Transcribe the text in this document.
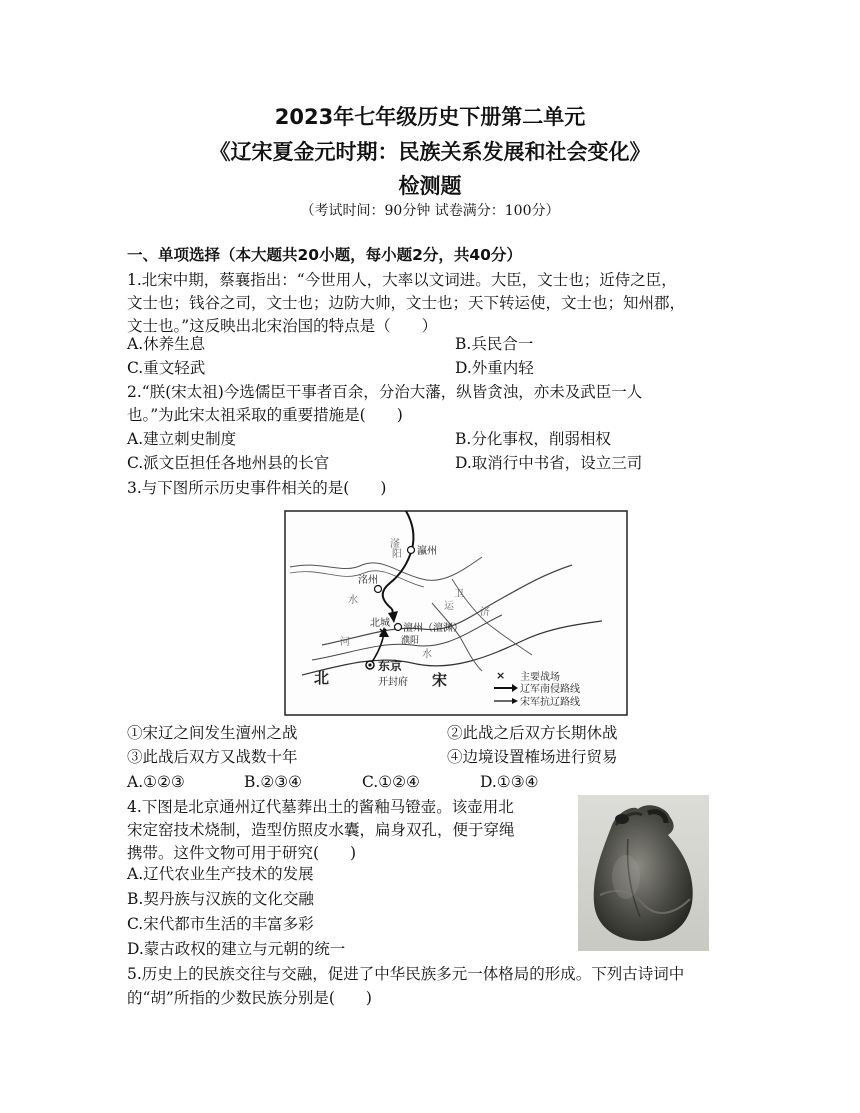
2023年七年级历史下册第二单元
《辽宋夏金元时期：民族关系发展和社会变化》
检测题
（考试时间：90分钟 试卷满分：100分）
一、单项选择（本大题共20小题，每小题2分，共40分）
1.北宋中期，蔡襄指出：“今世用人，大率以文词进。大臣，文士也；近侍之臣，
文士也；钱谷之司，文士也；边防大帅，文士也；天下转运使，文士也；知州郡，
文士也。”这反映出北宋治国的特点是（　　）
A.休养生息	B.兵民合一
C.重文轻武	D.外重内轻
2.“朕(宋太祖)今选儒臣干事者百余，分治大藩，纵皆贪浊，亦未及武臣一人
也。”为此宋太祖采取的重要措施是(　　)
A.建立刺史制度	B.分化事权，削弱相权
C.派文臣担任各地州县的长官	D.取消行中书省，设立三司
3.与下图所示历史事件相关的是(　　)
×
瀛州
洺州
北城 澶州（澶渊）
濮阳
东京
开封府
北	宋
滏
阳
水
卫
河
运
济
水
× 主要战场
辽军南侵路线
宋军抗辽路线
①宋辽之间发生澶州之战	②此战之后双方长期休战
③此战后双方又战数十年	④边境设置榷场进行贸易
A.①②③	B.②③④	C.①②④	D.①③④
4.下图是北京通州辽代墓葬出土的酱釉马镫壶。该壶用北
宋定窑技术烧制，造型仿照皮水囊，扁身双孔，便于穿绳
携带。这件文物可用于研究(　　)
A.辽代农业生产技术的发展
B.契丹族与汉族的文化交融
C.宋代都市生活的丰富多彩
D.蒙古政权的建立与元朝的统一
5.历史上的民族交往与交融，促进了中华民族多元一体格局的形成。下列古诗词中
的“胡”所指的少数民族分别是(　　)
